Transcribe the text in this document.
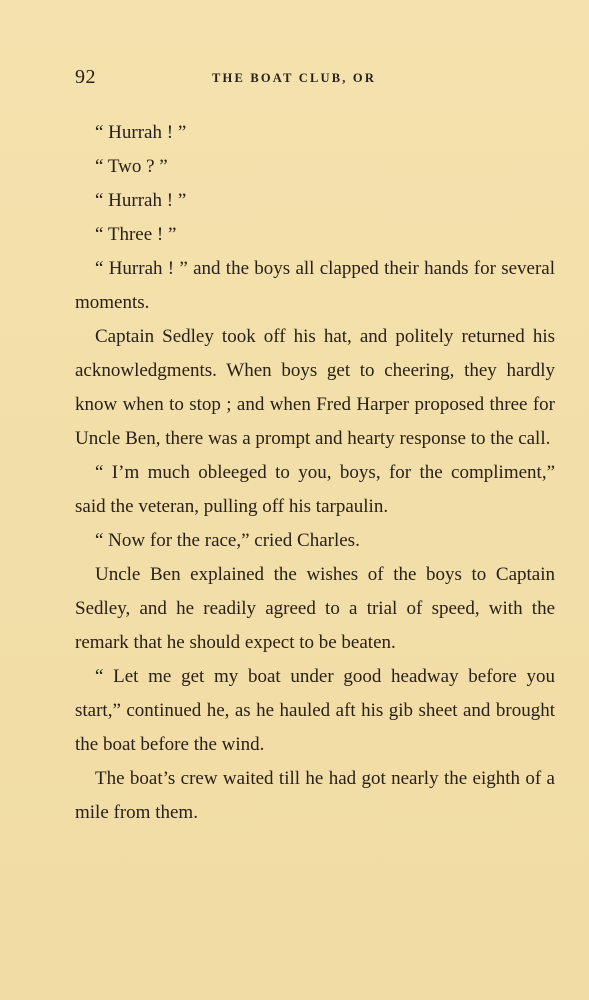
92	THE BOAT CLUB, OR

“ Hurrah ! ”

“ Two ? ”

“ Hurrah ! ”

“ Three ! ”

“ Hurrah ! ” and the boys all clapped their hands for several moments.

Captain Sedley took off his hat, and politely returned his acknowledgments. When boys get to cheering, they hardly know when to stop ; and when Fred Harper proposed three for Uncle Ben, there was a prompt and hearty response to the call.

“ I’m much obleeged to you, boys, for the compliment,” said the veteran, pulling off his tarpaulin.

“ Now for the race,” cried Charles.

Uncle Ben explained the wishes of the boys to Captain Sedley, and he readily agreed to a trial of speed, with the remark that he should expect to be beaten.

“ Let me get my boat under good headway before you start,” continued he, as he hauled aft his gib sheet and brought the boat before the wind.

The boat’s crew waited till he had got nearly the eighth of a mile from them.
